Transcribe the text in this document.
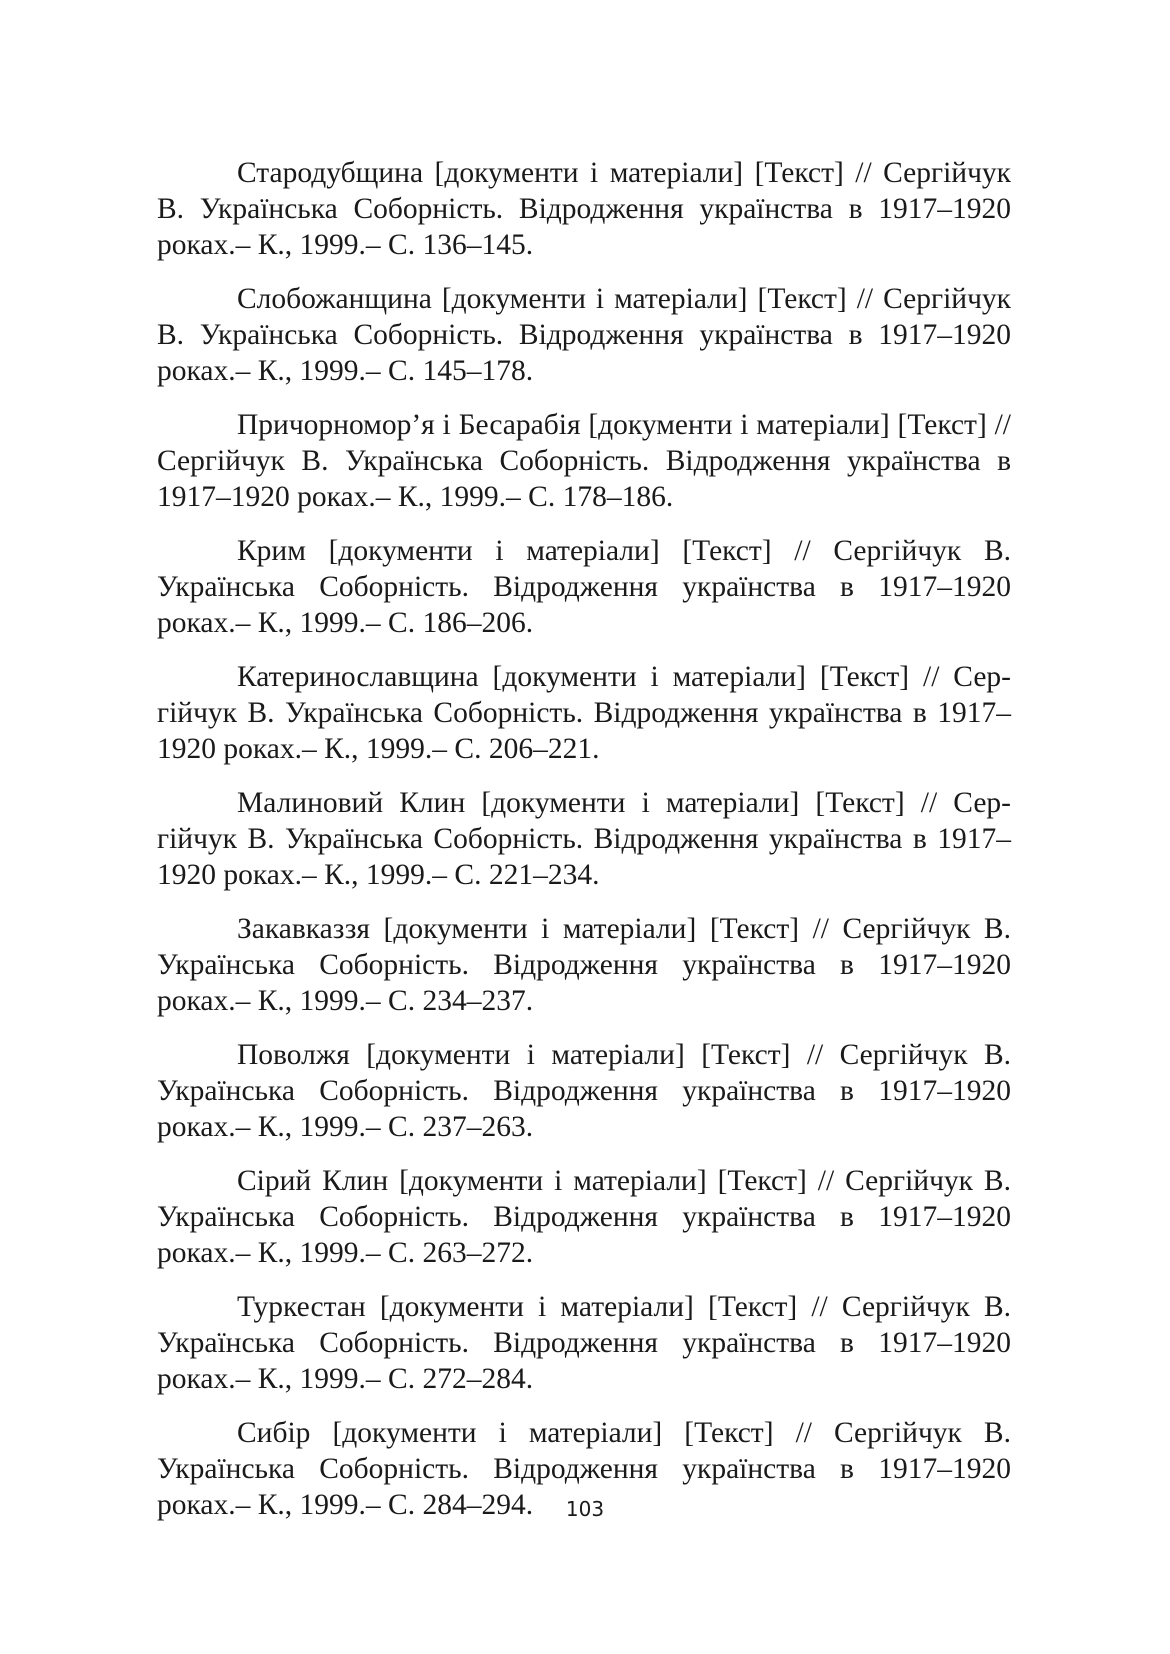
Стародубщина [документи і матеріали] [Текст] // Сергійчук В. Українська Соборність. Відродження українства в 1917–1920 роках.– К., 1999.– С. 136–145.

Слобожанщина [документи і матеріали] [Текст] // Сергійчук В. Українська Соборність. Відродження українства в 1917–1920 роках.– К., 1999.– С. 145–178.

Причорномор’я і Бесарабія [документи і матеріали] [Текст] // Сергійчук В. Українська Соборність. Відродження українства в 1917–1920 роках.– К., 1999.– С. 178–186.

Крим [документи і матеріали] [Текст] // Сергійчук В. Українська Соборність. Відродження українства в 1917–1920 роках.– К., 1999.– С. 186–206.

Катеринославщина [документи і матеріали] [Текст] // Сергійчук В. Українська Соборність. Відродження українства в 1917–1920 роках.– К., 1999.– С. 206–221.

Малиновий Клин [документи і матеріали] [Текст] // Сергійчук В. Українська Соборність. Відродження українства в 1917–1920 роках.– К., 1999.– С. 221–234.

Закавказзя [документи і матеріали] [Текст] // Сергійчук В. Українська Соборність. Відродження українства в 1917–1920 роках.– К., 1999.– С. 234–237.

Поволжя [документи і матеріали] [Текст] // Сергійчук В. Українська Соборність. Відродження українства в 1917–1920 роках.– К., 1999.– С. 237–263.

Сірий Клин [документи і матеріали] [Текст] // Сергійчук В. Українська Соборність. Відродження українства в 1917–1920 роках.– К., 1999.– С. 263–272.

Туркестан [документи і матеріали] [Текст] // Сергійчук В. Українська Соборність. Відродження українства в 1917–1920 роках.– К., 1999.– С. 272–284.

Сибір [документи і матеріали] [Текст] // Сергійчук В. Українська Соборність. Відродження українства в 1917–1920 роках.– К., 1999.– С. 284–294.	103
